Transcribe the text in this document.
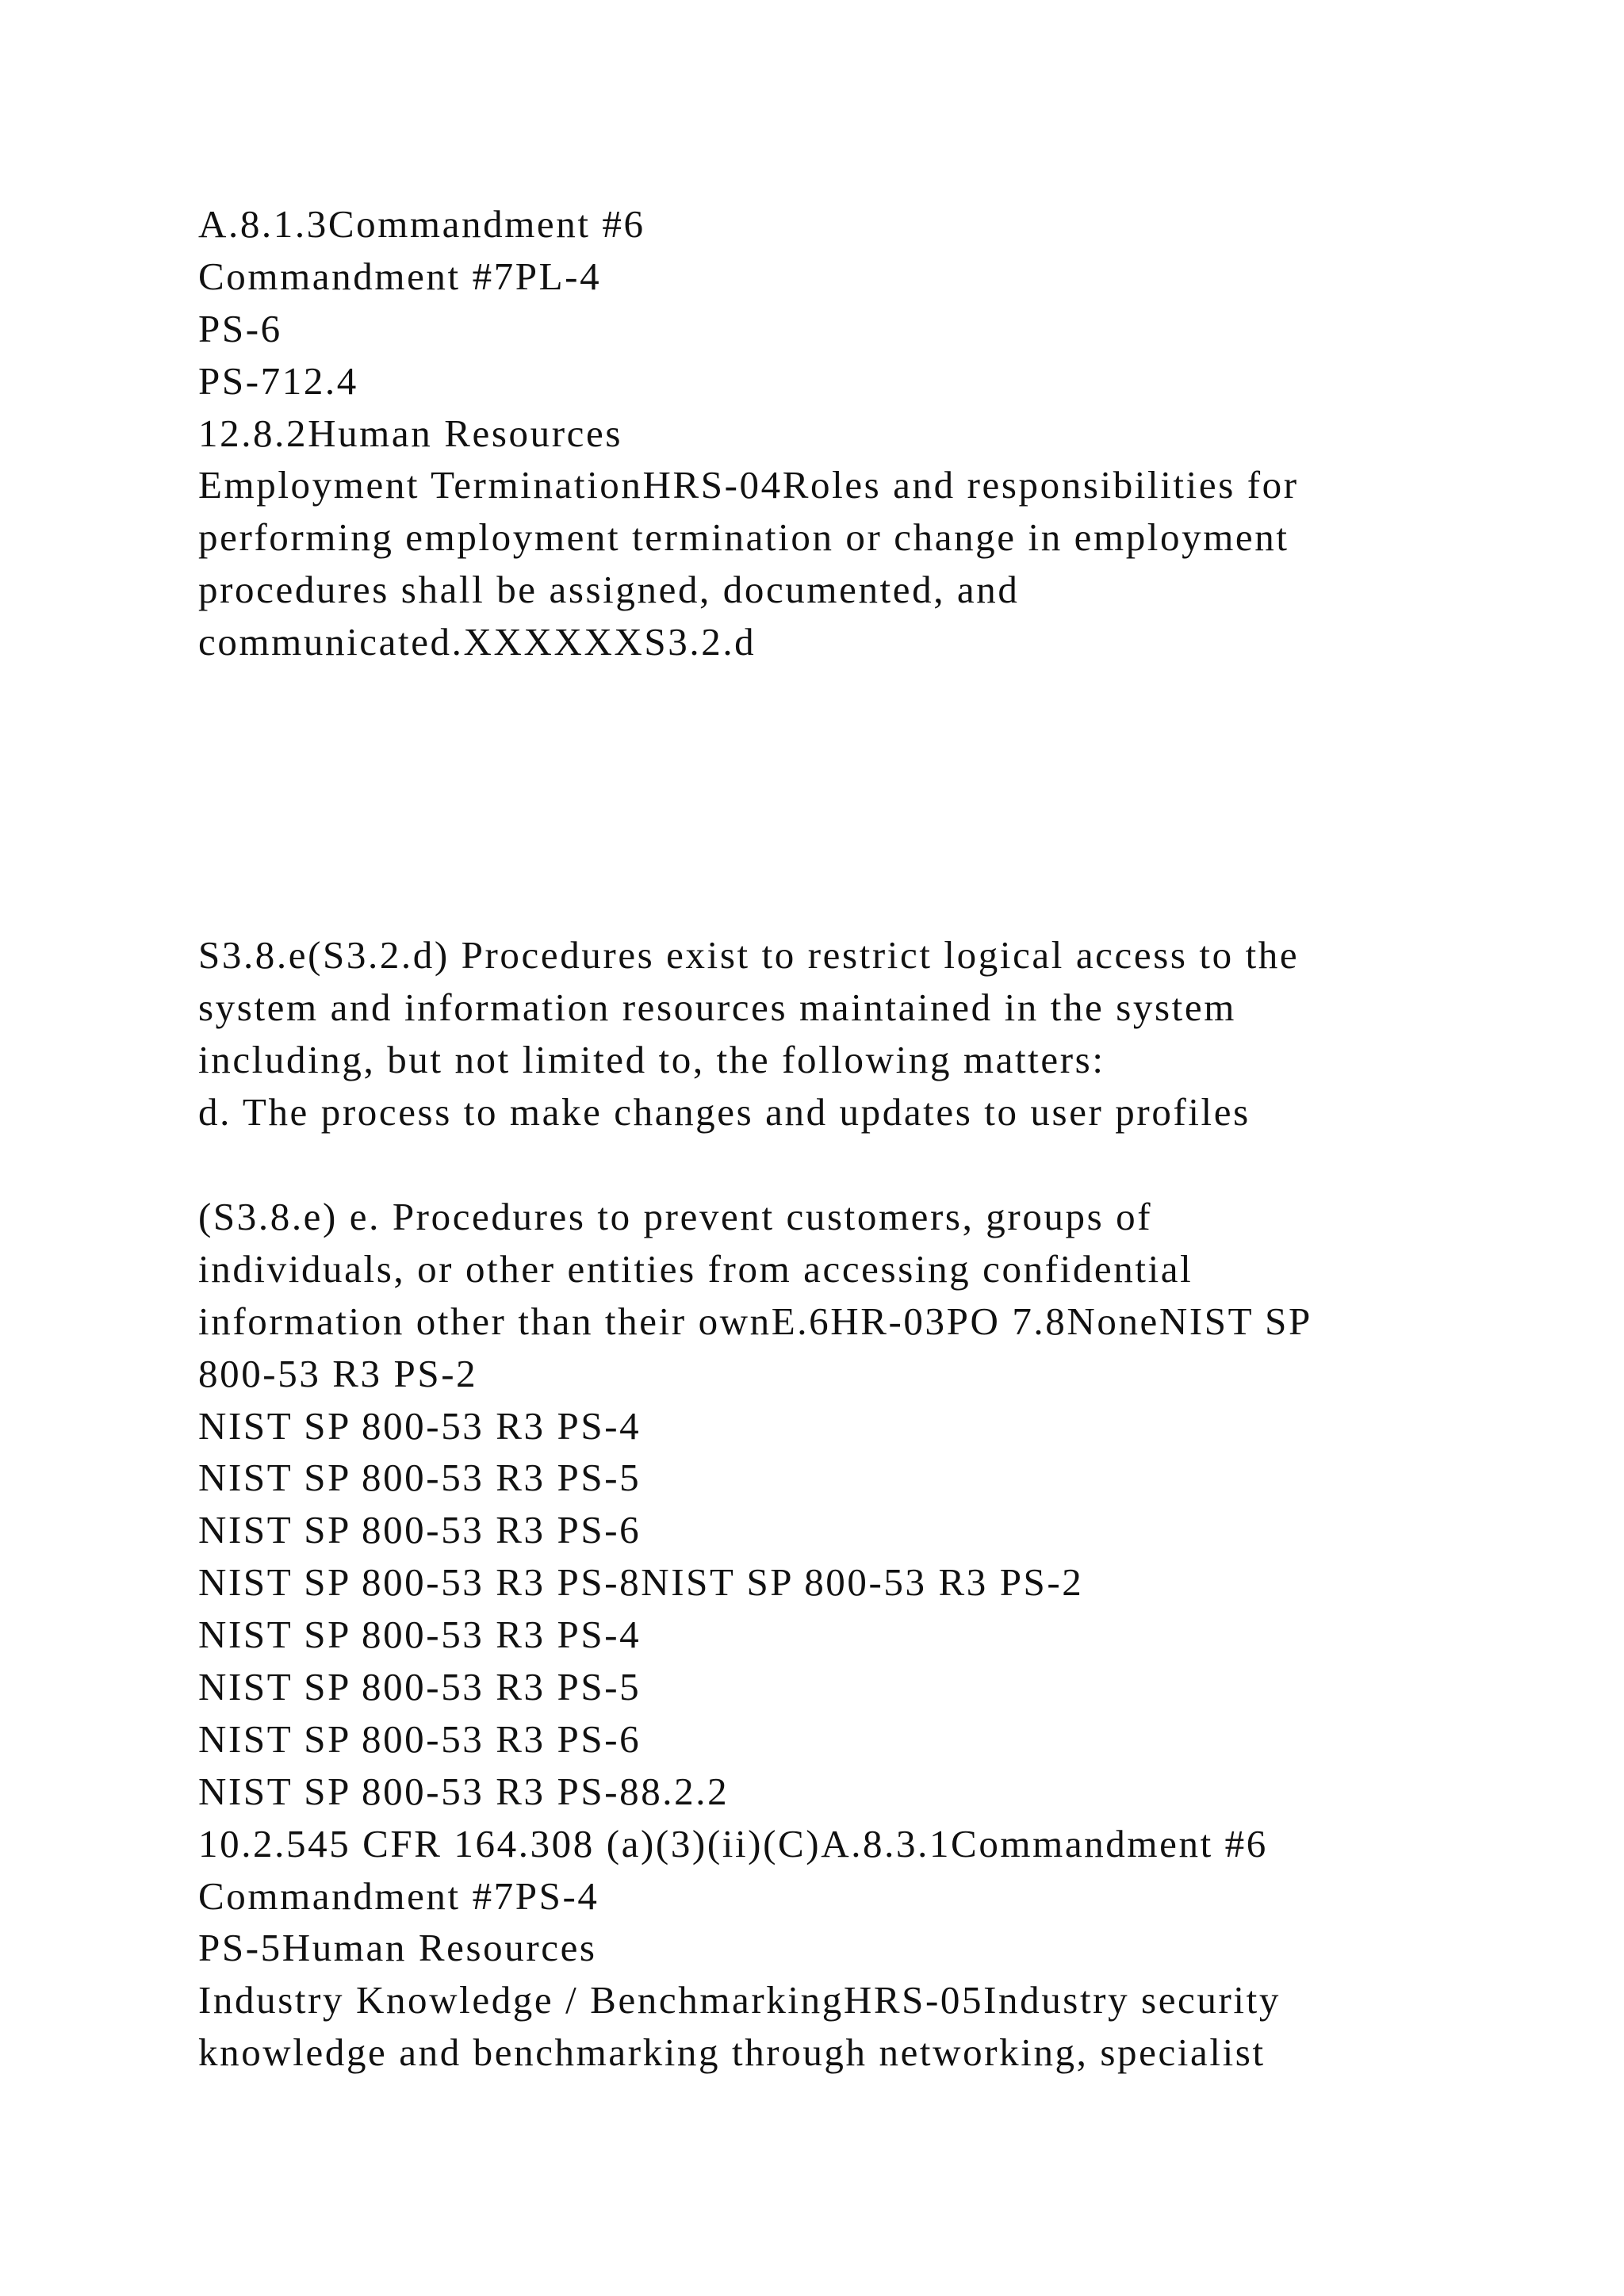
A.8.1.3Commandment #6
Commandment #7PL-4
PS-6
PS-712.4
12.8.2Human Resources
Employment TerminationHRS-04Roles and responsibilities for
performing employment termination or change in employment
procedures shall be assigned, documented, and
communicated.XXXXXXS3.2.d
S3.8.e(S3.2.d) Procedures exist to restrict logical access to the
system and information resources maintained in the system
including, but not limited to, the following matters:
d. The process to make changes and updates to user profiles
(S3.8.e) e. Procedures to prevent customers, groups of
individuals, or other entities from accessing confidential
information other than their ownE.6HR-03PO 7.8NoneNIST SP
800-53 R3 PS-2
NIST SP 800-53 R3 PS-4
NIST SP 800-53 R3 PS-5
NIST SP 800-53 R3 PS-6
NIST SP 800-53 R3 PS-8NIST SP 800-53 R3 PS-2
NIST SP 800-53 R3 PS-4
NIST SP 800-53 R3 PS-5
NIST SP 800-53 R3 PS-6
NIST SP 800-53 R3 PS-88.2.2
10.2.545 CFR 164.308 (a)(3)(ii)(C)A.8.3.1Commandment #6
Commandment #7PS-4
PS-5Human Resources
Industry Knowledge / BenchmarkingHRS-05Industry security
knowledge and benchmarking through networking, specialist
